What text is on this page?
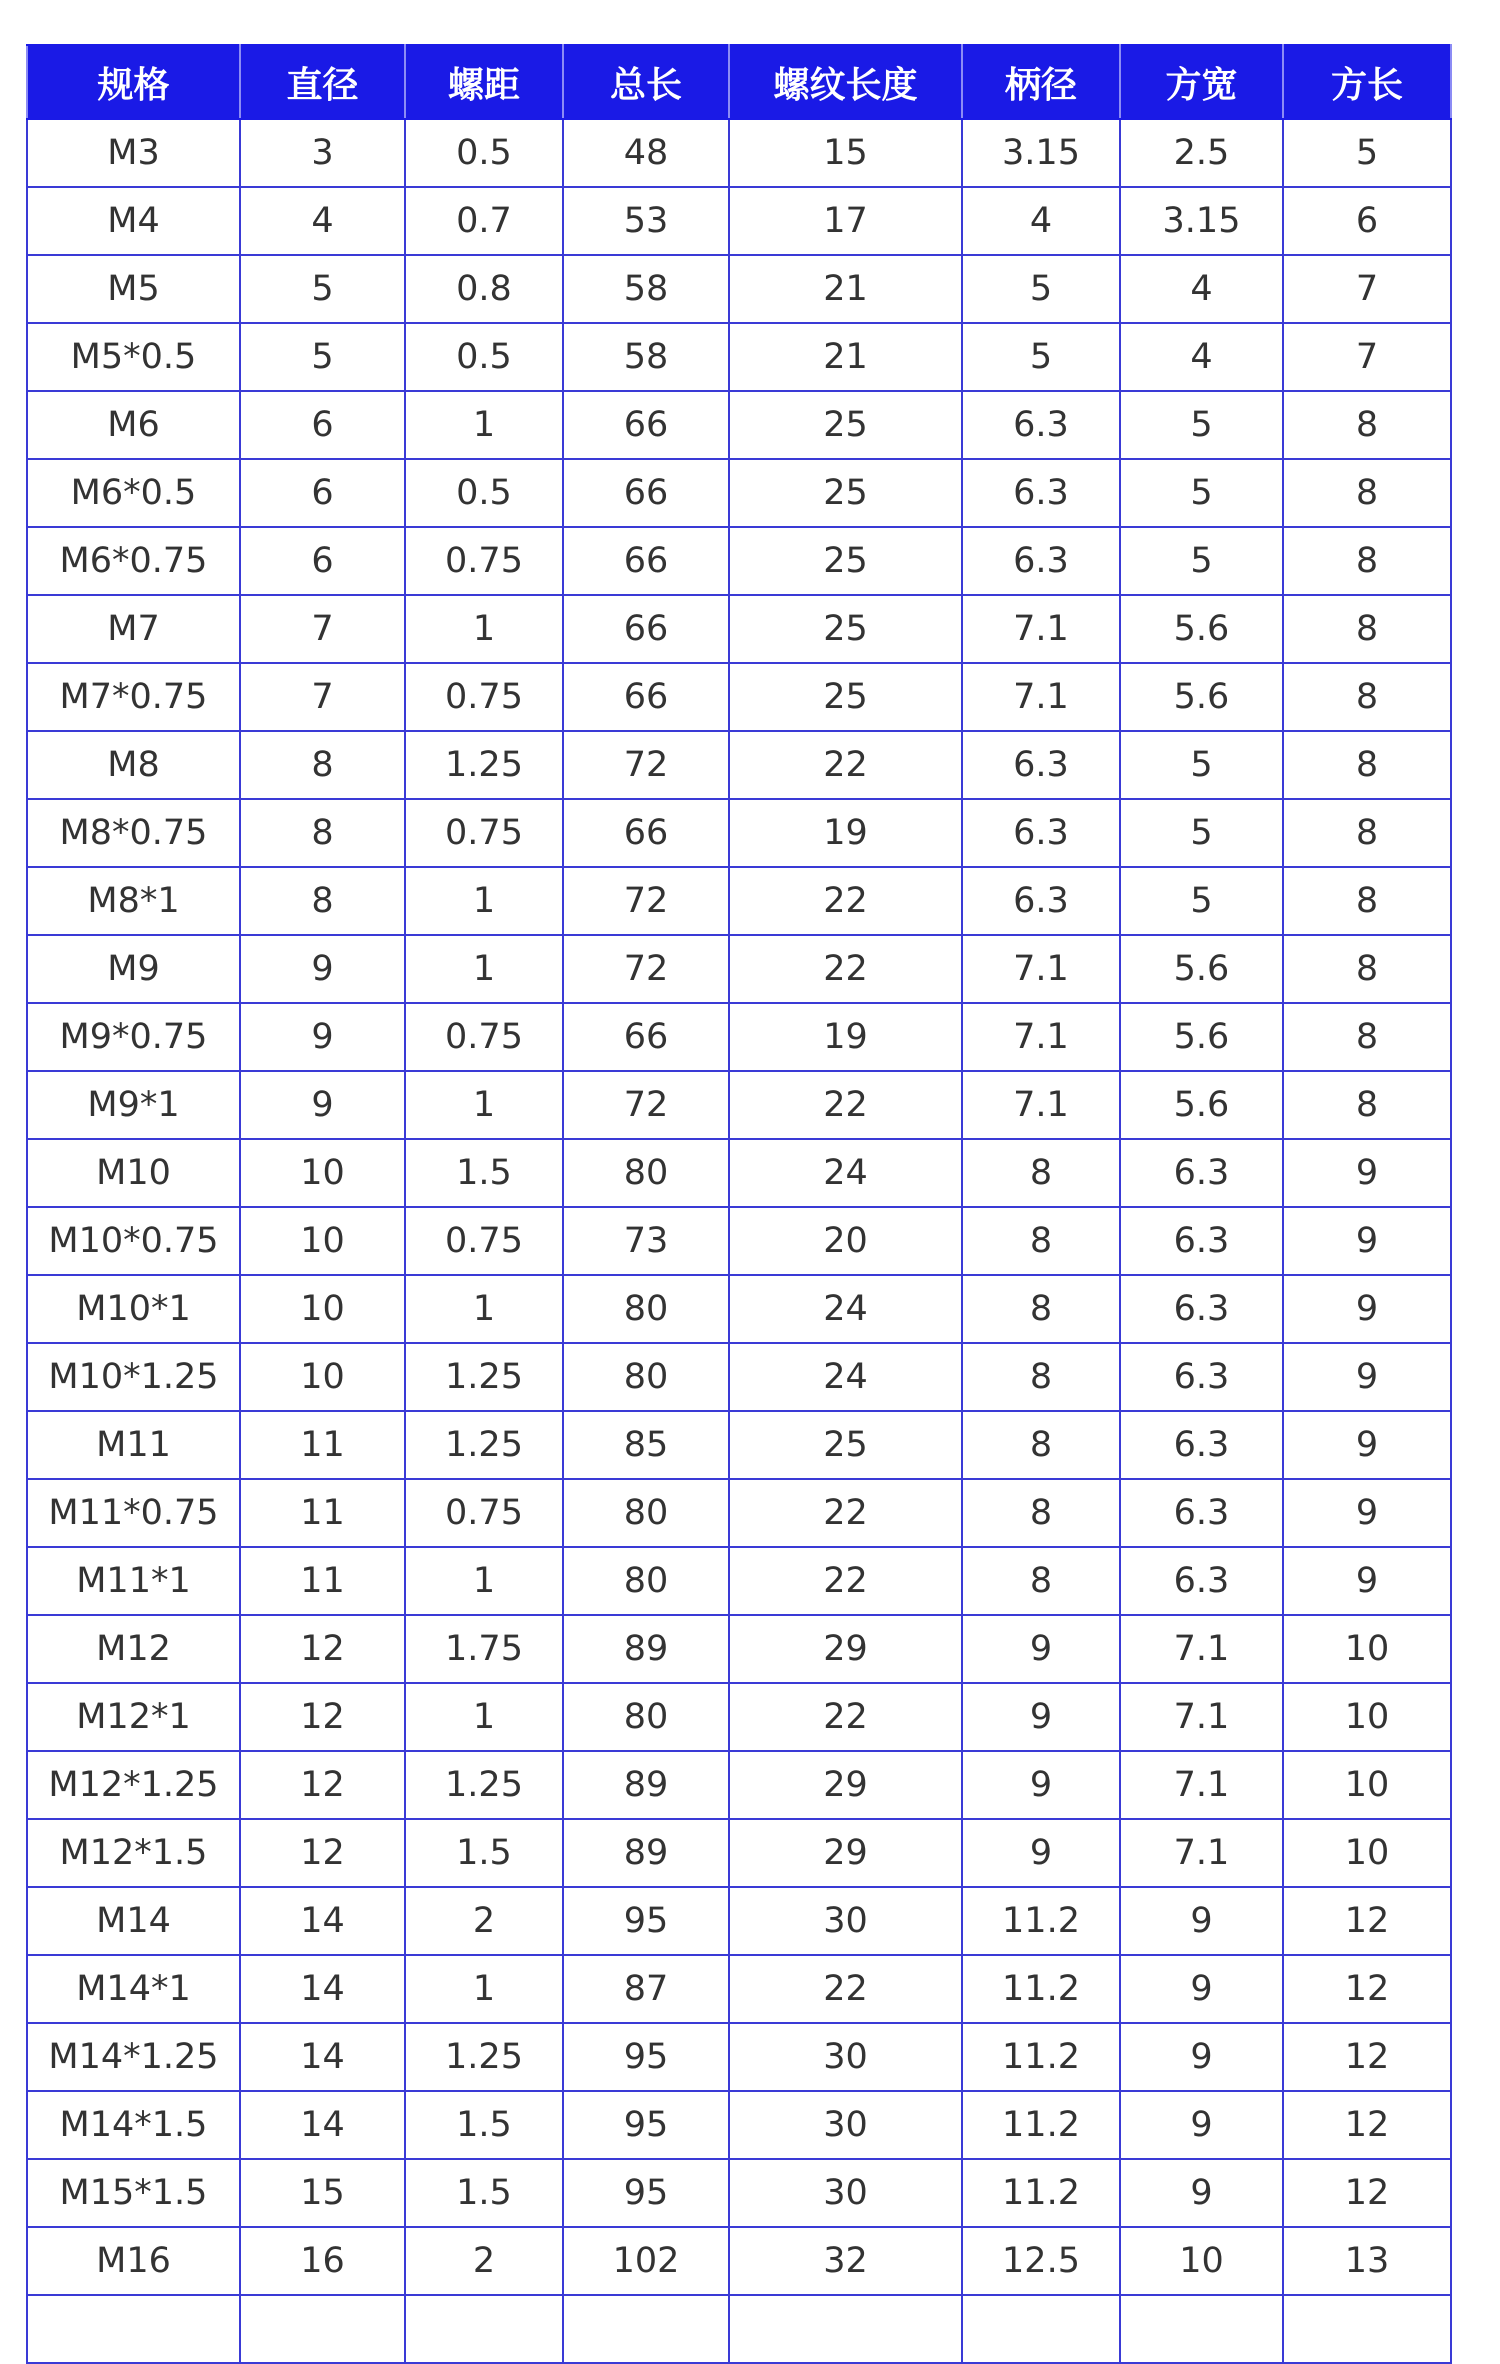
规格	直径	螺距	总长	螺纹长度	柄径	方宽	方长
M3	3	0.5	48	15	3.15	2.5	5
M4	4	0.7	53	17	4	3.15	6
M5	5	0.8	58	21	5	4	7
M5*0.5	5	0.5	58	21	5	4	7
M6	6	1	66	25	6.3	5	8
M6*0.5	6	0.5	66	25	6.3	5	8
M6*0.75	6	0.75	66	25	6.3	5	8
M7	7	1	66	25	7.1	5.6	8
M7*0.75	7	0.75	66	25	7.1	5.6	8
M8	8	1.25	72	22	6.3	5	8
M8*0.75	8	0.75	66	19	6.3	5	8
M8*1	8	1	72	22	6.3	5	8
M9	9	1	72	22	7.1	5.6	8
M9*0.75	9	0.75	66	19	7.1	5.6	8
M9*1	9	1	72	22	7.1	5.6	8
M10	10	1.5	80	24	8	6.3	9
M10*0.75	10	0.75	73	20	8	6.3	9
M10*1	10	1	80	24	8	6.3	9
M10*1.25	10	1.25	80	24	8	6.3	9
M11	11	1.25	85	25	8	6.3	9
M11*0.75	11	0.75	80	22	8	6.3	9
M11*1	11	1	80	22	8	6.3	9
M12	12	1.75	89	29	9	7.1	10
M12*1	12	1	80	22	9	7.1	10
M12*1.25	12	1.25	89	29	9	7.1	10
M12*1.5	12	1.5	89	29	9	7.1	10
M14	14	2	95	30	11.2	9	12
M14*1	14	1	87	22	11.2	9	12
M14*1.25	14	1.25	95	30	11.2	9	12
M14*1.5	14	1.5	95	30	11.2	9	12
M15*1.5	15	1.5	95	30	11.2	9	12
M16	16	2	102	32	12.5	10	13
